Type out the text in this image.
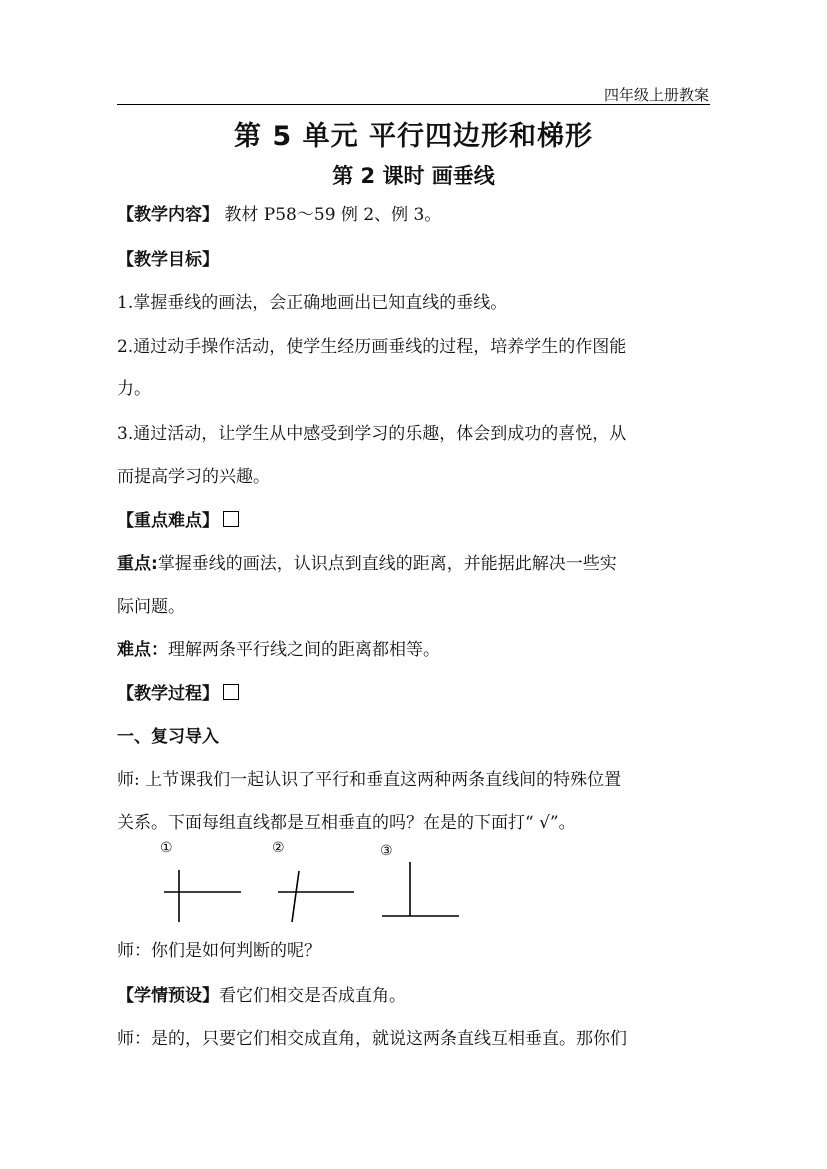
四年级上册教案
第 5 单元 平行四边形和梯形
第 2 课时 画垂线
【教学内容】 教材 P58～59 例 2、例 3。
【教学目标】
1.掌握垂线的画法，会正确地画出已知直线的垂线。
2.通过动手操作活动，使学生经历画垂线的过程，培养学生的作图能
力。
3.通过活动，让学生从中感受到学习的乐趣，体会到成功的喜悦，从
而提高学习的兴趣。
【重点难点】
重点:掌握垂线的画法，认识点到直线的距离，并能据此解决一些实
际问题。
难点：理解两条平行线之间的距离都相等。
【教学过程】
一、复习导入
师: 上节课我们一起认识了平行和垂直这两种两条直线间的特殊位置
关系。下面每组直线都是互相垂直的吗？在是的下面打“ √”。
①	②	③
师：你们是如何判断的呢？
【学情预设】看它们相交是否成直角。
师：是的，只要它们相交成直角，就说这两条直线互相垂直。那你们
